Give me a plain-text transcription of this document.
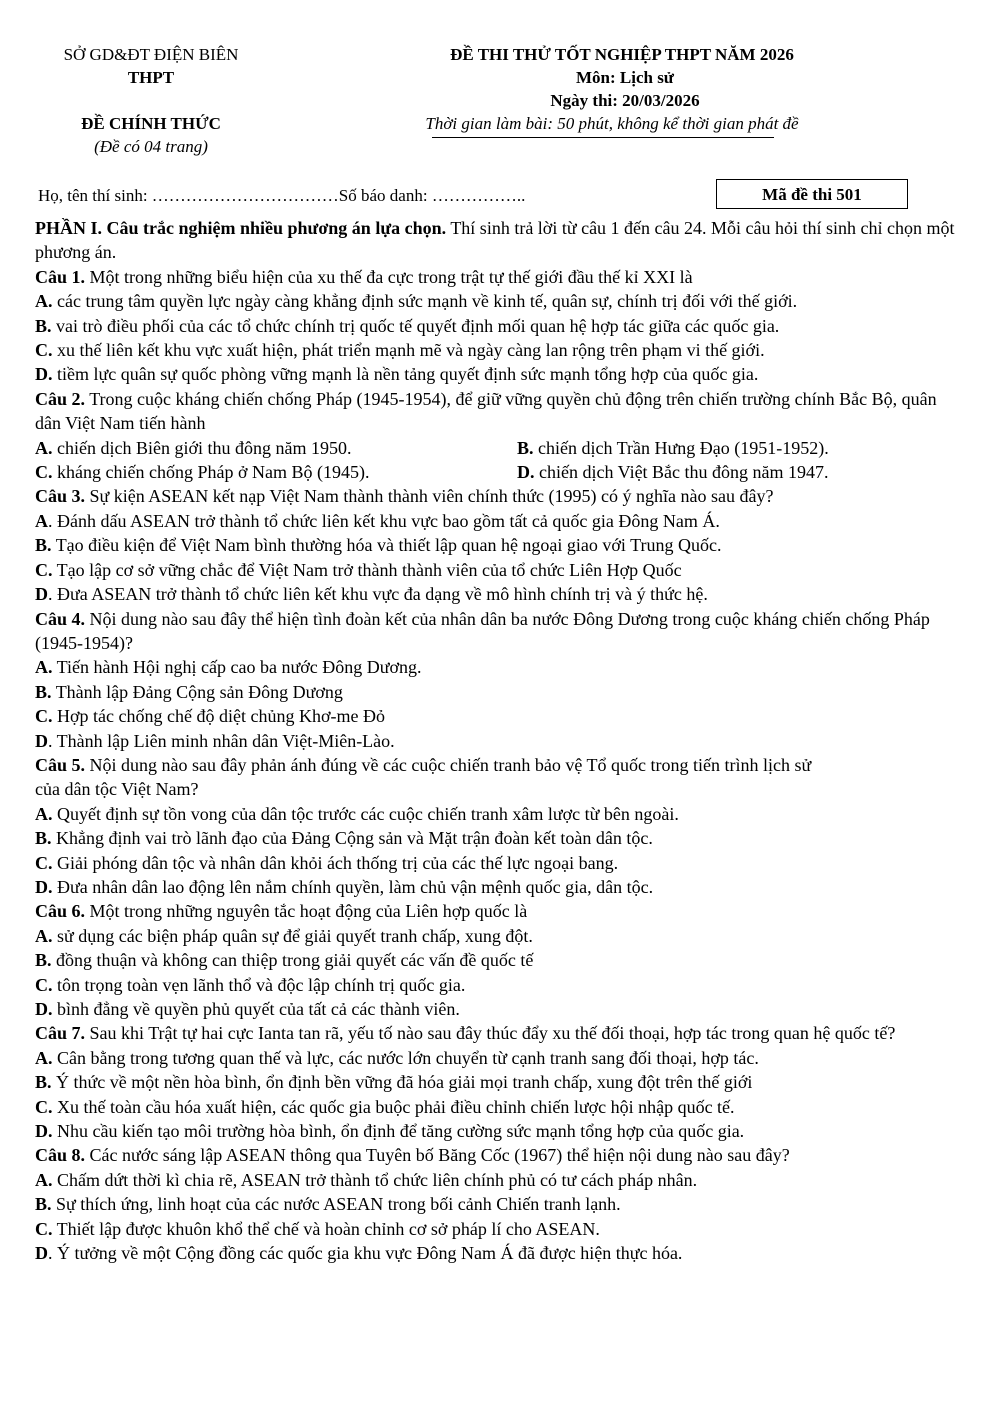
SỞ GD&ĐT ĐIỆN BIÊN
THPT
ĐỀ CHÍNH THỨC
(Đề có 04 trang)
ĐỀ THI THỬ TỐT NGHIỆP THPT NĂM 2026
Môn: Lịch sử
Ngày thi: 20/03/2026
Thời gian làm bài: 50 phút, không kể thời gian phát đề
Họ, tên thí sinh: ……………………………Số báo danh: ……………..	Mã đề thi 501

PHẦN I. Câu trắc nghiệm nhiều phương án lựa chọn. Thí sinh trả lời từ câu 1 đến câu 24. Mỗi câu hỏi thí sinh chỉ chọn một phương án.

Câu 1. Một trong những biểu hiện của xu thế đa cực trong trật tự thế giới đầu thế kỉ XXI là

A. các trung tâm quyền lực ngày càng khẳng định sức mạnh về kinh tế, quân sự, chính trị đối với thế giới.

B. vai trò điều phối của các tổ chức chính trị quốc tế quyết định mối quan hệ hợp tác giữa các quốc gia.

C. xu thế liên kết khu vực xuất hiện, phát triển mạnh mẽ và ngày càng lan rộng trên phạm vi thế giới.

D. tiềm lực quân sự quốc phòng vững mạnh là nền tảng quyết định sức mạnh tổng hợp của quốc gia.

Câu 2. Trong cuộc kháng chiến chống Pháp (1945-1954), để giữ vững quyền chủ động trên chiến trường chính Bắc Bộ, quân dân Việt Nam tiến hành

A. chiến dịch Biên giới thu đông năm 1950.	B. chiến dịch Trần Hưng Đạo (1951-1952).
C. kháng chiến chống Pháp ở Nam Bộ (1945).	D. chiến dịch Việt Bắc thu đông năm 1947.

Câu 3. Sự kiện ASEAN kết nạp Việt Nam thành thành viên chính thức (1995) có ý nghĩa nào sau đây?

A. Đánh dấu ASEAN trở thành tổ chức liên kết khu vực bao gồm tất cả quốc gia Đông Nam Á.

B. Tạo điều kiện để Việt Nam bình thường hóa và thiết lập quan hệ ngoại giao với Trung Quốc.

C. Tạo lập cơ sở vững chắc để Việt Nam trở thành thành viên của tổ chức Liên Hợp Quốc

D. Đưa ASEAN trở thành tổ chức liên kết khu vực đa dạng về mô hình chính trị và ý thức hệ.

Câu 4. Nội dung nào sau đây thể hiện tình đoàn kết của nhân dân ba nước Đông Dương trong cuộc kháng chiến chống Pháp (1945-1954)?

A. Tiến hành Hội nghị cấp cao ba nước Đông Dương.

B. Thành lập Đảng Cộng sản Đông Dương

C. Hợp tác chống chế độ diệt chủng Khơ-me Đỏ

D. Thành lập Liên minh nhân dân Việt-Miên-Lào.

Câu 5. Nội dung nào sau đây phản ánh đúng về các cuộc chiến tranh bảo vệ Tổ quốc trong tiến trình lịch sử

của dân tộc Việt Nam?

A. Quyết định sự tồn vong của dân tộc trước các cuộc chiến tranh xâm lược từ bên ngoài.

B. Khẳng định vai trò lãnh đạo của Đảng Cộng sản và Mặt trận đoàn kết toàn dân tộc.

C. Giải phóng dân tộc và nhân dân khỏi ách thống trị của các thế lực ngoại bang.

D. Đưa nhân dân lao động lên nắm chính quyền, làm chủ vận mệnh quốc gia, dân tộc.

Câu 6. Một trong những nguyên tắc hoạt động của Liên hợp quốc là

A. sử dụng các biện pháp quân sự để giải quyết tranh chấp, xung đột.

B. đồng thuận và không can thiệp trong giải quyết các vấn đề quốc tế

C. tôn trọng toàn vẹn lãnh thổ và độc lập chính trị quốc gia.

D. bình đẳng về quyền phủ quyết của tất cả các thành viên.

Câu 7. Sau khi Trật tự hai cực Ianta tan rã, yếu tố nào sau đây thúc đẩy xu thế đối thoại, hợp tác trong quan hệ quốc tế?

A. Cân bằng trong tương quan thế và lực, các nước lớn chuyển từ cạnh tranh sang đối thoại, hợp tác.

B. Ý thức về một nền hòa bình, ổn định bền vững đã hóa giải mọi tranh chấp, xung đột trên thế giới

C. Xu thế toàn cầu hóa xuất hiện, các quốc gia buộc phải điều chỉnh chiến lược hội nhập quốc tế.

D. Nhu cầu kiến tạo môi trường hòa bình, ổn định để tăng cường sức mạnh tổng hợp của quốc gia.

Câu 8. Các nước sáng lập ASEAN thông qua Tuyên bố Băng Cốc (1967) thể hiện nội dung nào sau đây?

A. Chấm dứt thời kì chia rẽ, ASEAN trở thành tổ chức liên chính phủ có tư cách pháp nhân.

B. Sự thích ứng, linh hoạt của các nước ASEAN trong bối cảnh Chiến tranh lạnh.

C. Thiết lập được khuôn khổ thể chế và hoàn chỉnh cơ sở pháp lí cho ASEAN.

D. Ý tưởng về một Cộng đồng các quốc gia khu vực Đông Nam Á đã được hiện thực hóa.
